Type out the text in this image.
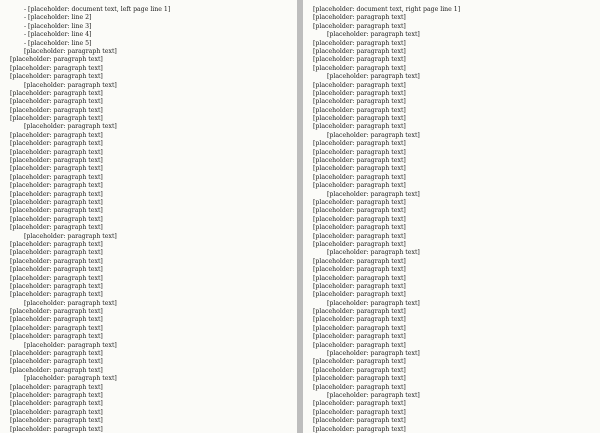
- [placeholder: document text, left page line 1]
- [placeholder: line 2]
- [placeholder: line 3]
- [placeholder: line 4]
- [placeholder: line 5]
[placeholder: paragraph text]
[placeholder: paragraph text]
[placeholder: paragraph text]
[placeholder: paragraph text]
[placeholder: paragraph text]
[placeholder: paragraph text]
[placeholder: paragraph text]
[placeholder: paragraph text]
[placeholder: paragraph text]
[placeholder: paragraph text]
[placeholder: paragraph text]
[placeholder: paragraph text]
[placeholder: paragraph text]
[placeholder: paragraph text]
[placeholder: paragraph text]
[placeholder: paragraph text]
[placeholder: paragraph text]
[placeholder: paragraph text]
[placeholder: paragraph text]
[placeholder: paragraph text]
[placeholder: paragraph text]
[placeholder: paragraph text]
[placeholder: paragraph text]
[placeholder: paragraph text]
[placeholder: paragraph text]
[placeholder: paragraph text]
[placeholder: paragraph text]
[placeholder: paragraph text]
[placeholder: paragraph text]
[placeholder: paragraph text]
[placeholder: paragraph text]
[placeholder: paragraph text]
[placeholder: paragraph text]
[placeholder: paragraph text]
[placeholder: paragraph text]
[placeholder: paragraph text]
[placeholder: paragraph text]
[placeholder: paragraph text]
[placeholder: paragraph text]
[placeholder: paragraph text]
[placeholder: paragraph text]
[placeholder: paragraph text]
[placeholder: paragraph text]
[placeholder: paragraph text]
[placeholder: paragraph text]
[placeholder: paragraph text]
[placeholder: document text, right page line 1]
[placeholder: paragraph text]
[placeholder: paragraph text]
[placeholder: paragraph text]
[placeholder: paragraph text]
[placeholder: paragraph text]
[placeholder: paragraph text]
[placeholder: paragraph text]
[placeholder: paragraph text]
[placeholder: paragraph text]
[placeholder: paragraph text]
[placeholder: paragraph text]
[placeholder: paragraph text]
[placeholder: paragraph text]
[placeholder: paragraph text]
[placeholder: paragraph text]
[placeholder: paragraph text]
[placeholder: paragraph text]
[placeholder: paragraph text]
[placeholder: paragraph text]
[placeholder: paragraph text]
[placeholder: paragraph text]
[placeholder: paragraph text]
[placeholder: paragraph text]
[placeholder: paragraph text]
[placeholder: paragraph text]
[placeholder: paragraph text]
[placeholder: paragraph text]
[placeholder: paragraph text]
[placeholder: paragraph text]
[placeholder: paragraph text]
[placeholder: paragraph text]
[placeholder: paragraph text]
[placeholder: paragraph text]
[placeholder: paragraph text]
[placeholder: paragraph text]
[placeholder: paragraph text]
[placeholder: paragraph text]
[placeholder: paragraph text]
[placeholder: paragraph text]
[placeholder: paragraph text]
[placeholder: paragraph text]
[placeholder: paragraph text]
[placeholder: paragraph text]
[placeholder: paragraph text]
[placeholder: paragraph text]
[placeholder: paragraph text]
[placeholder: paragraph text]
[placeholder: paragraph text]
[placeholder: paragraph text]
[placeholder: paragraph text]
